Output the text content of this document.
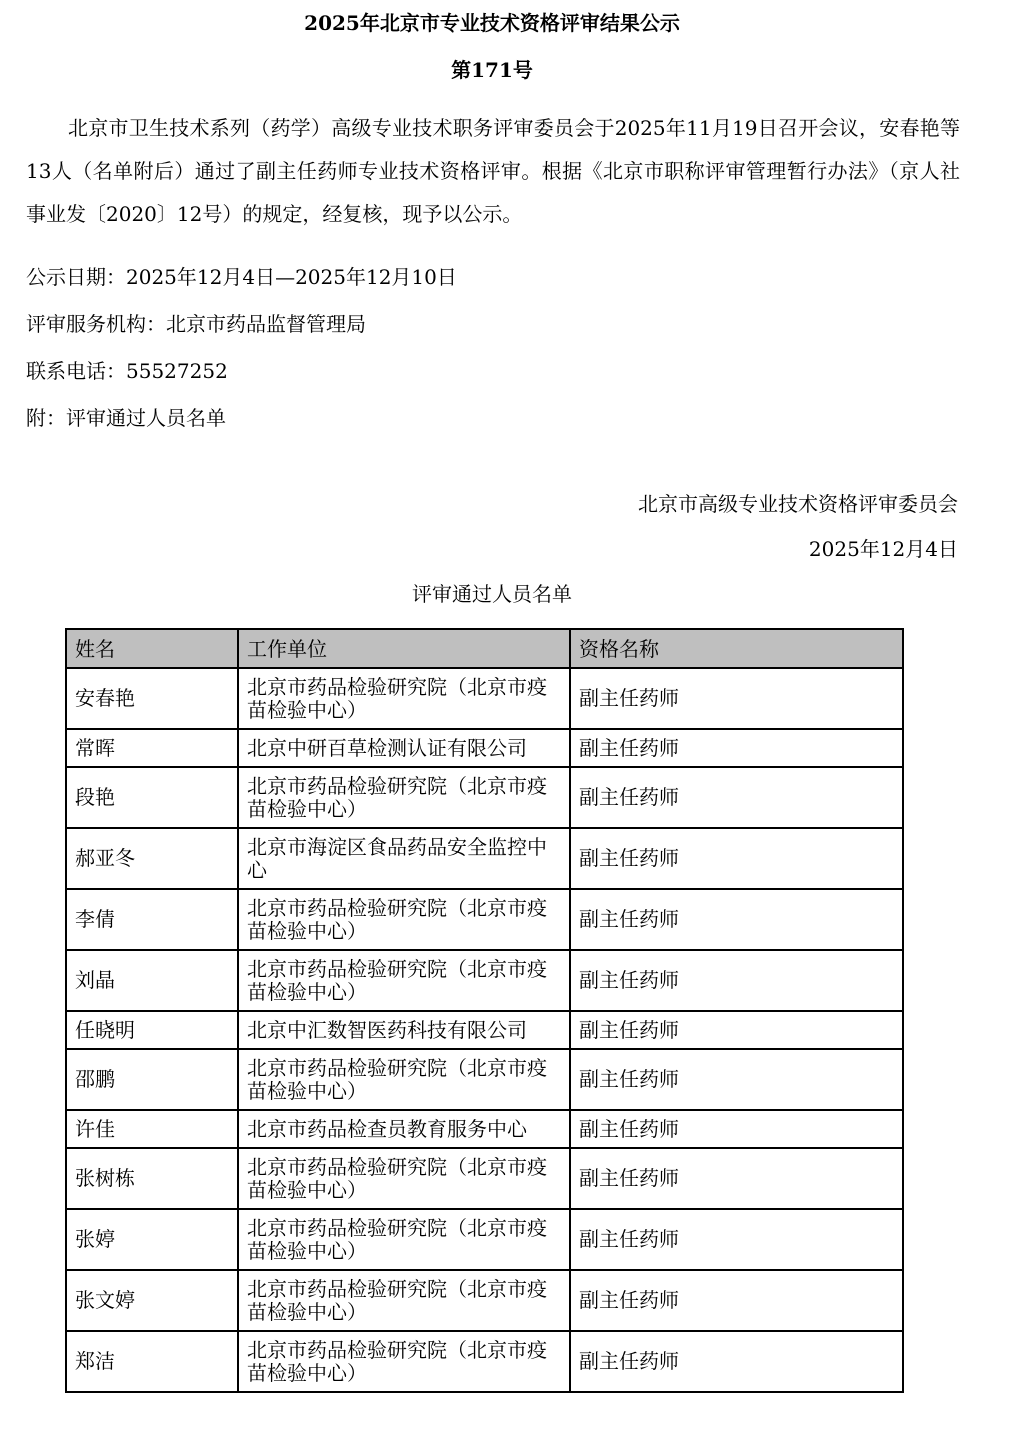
2025年北京市专业技术资格评审结果公示
第171号

北京市卫生技术系列（药学）高级专业技术职务评审委员会于2025年11月19日召开会议，安春艳等13人（名单附后）通过了副主任药师专业技术资格评审。根据《北京市职称评审管理暂行办法》（京人社事业发〔2020〕12号）的规定，经复核，现予以公示。

公示日期：2025年12月4日—2025年12月10日

评审服务机构：北京市药品监督管理局

联系电话：55527252

附：评审通过人员名单

北京市高级专业技术资格评审委员会
2025年12月4日
评审通过人员名单
姓名	工作单位	资格名称
安春艳	北京市药品检验研究院（北京市疫苗检验中心）	副主任药师
常晖	北京中研百草检测认证有限公司	副主任药师
段艳	北京市药品检验研究院（北京市疫苗检验中心）	副主任药师
郝亚冬	北京市海淀区食品药品安全监控中心	副主任药师
李倩	北京市药品检验研究院（北京市疫苗检验中心）	副主任药师
刘晶	北京市药品检验研究院（北京市疫苗检验中心）	副主任药师
任晓明	北京中汇数智医药科技有限公司	副主任药师
邵鹏	北京市药品检验研究院（北京市疫苗检验中心）	副主任药师
许佳	北京市药品检查员教育服务中心	副主任药师
张树栋	北京市药品检验研究院（北京市疫苗检验中心）	副主任药师
张婷	北京市药品检验研究院（北京市疫苗检验中心）	副主任药师
张文婷	北京市药品检验研究院（北京市疫苗检验中心）	副主任药师
郑洁	北京市药品检验研究院（北京市疫苗检验中心）	副主任药师
